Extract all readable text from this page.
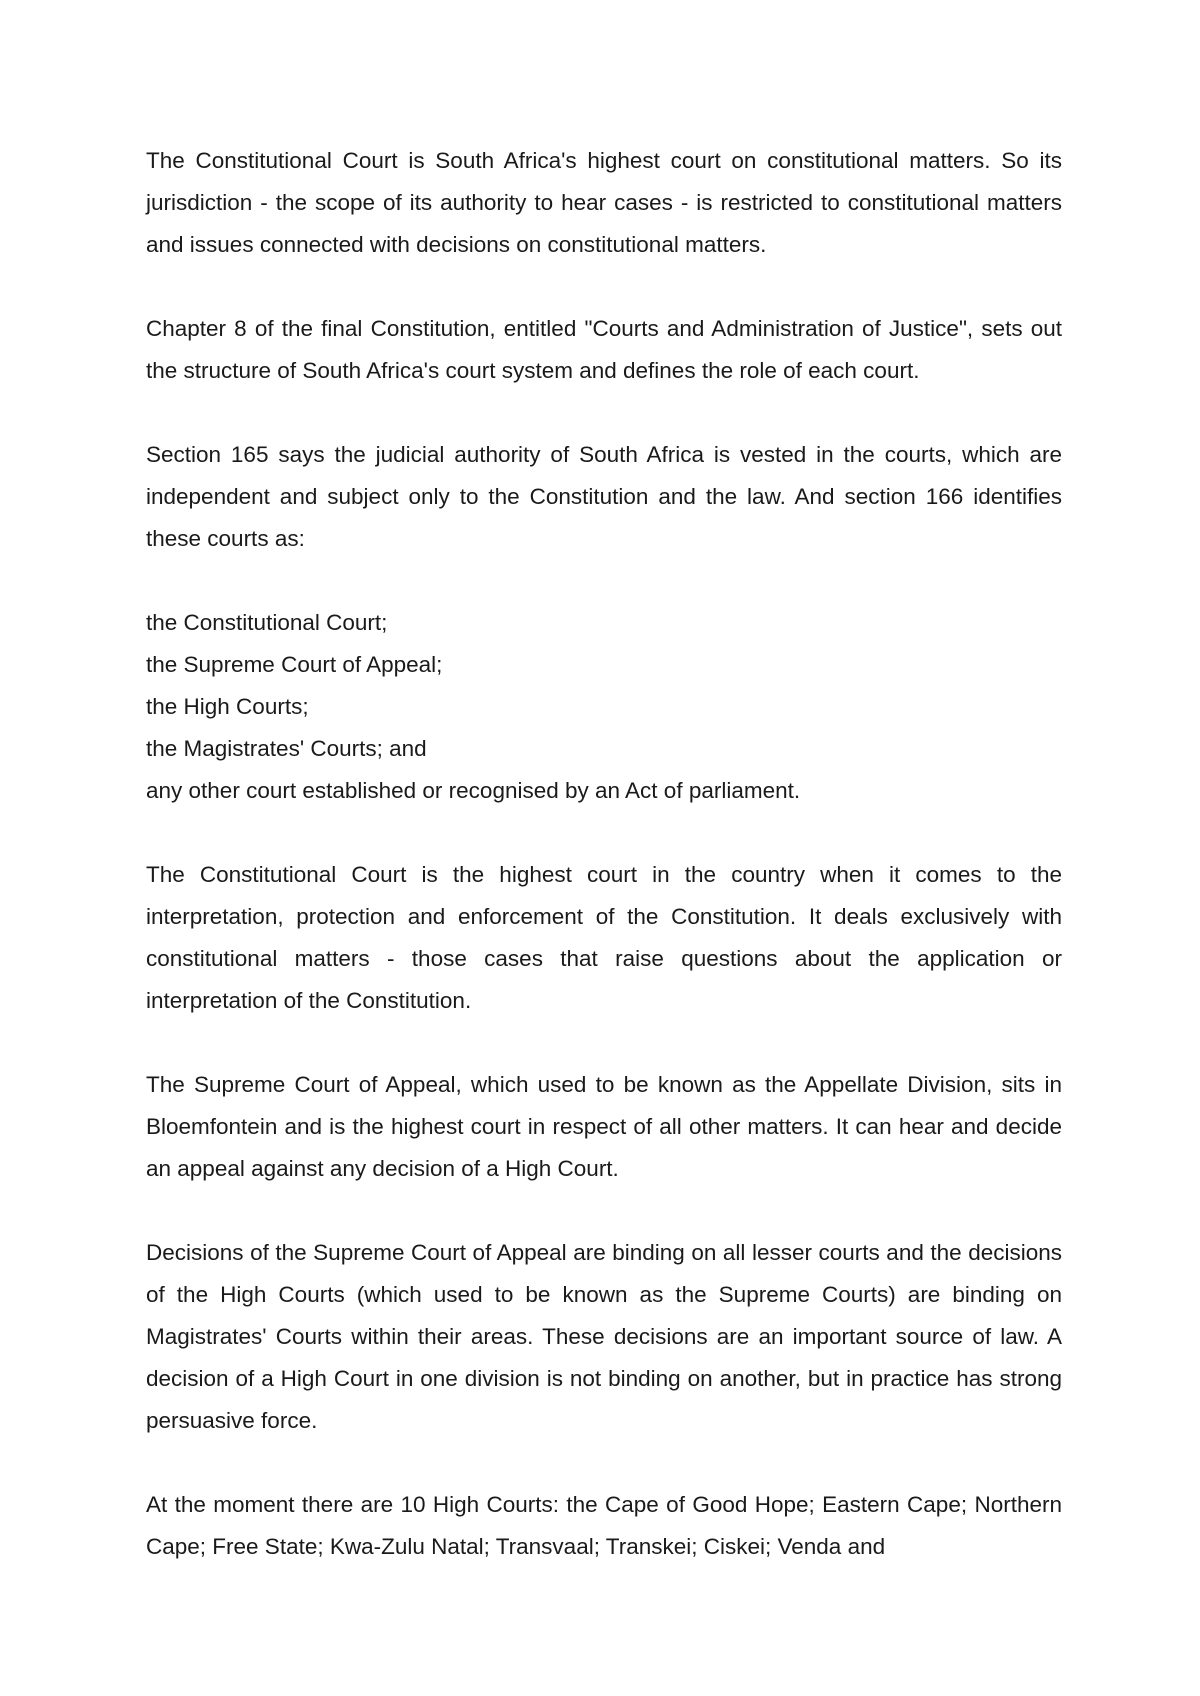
The Constitutional Court is South Africa's highest court on constitutional matters. So its jurisdiction - the scope of its authority to hear cases - is restricted to constitutional matters and issues connected with decisions on constitutional matters.

Chapter 8 of the final Constitution, entitled "Courts and Administration of Justice", sets out the structure of South Africa's court system and defines the role of each court.

Section 165 says the judicial authority of South Africa is vested in the courts, which are independent and subject only to the Constitution and the law. And section 166 identifies these courts as:

the Constitutional Court;
the Supreme Court of Appeal;
the High Courts;
the Magistrates' Courts; and
any other court established or recognised by an Act of parliament.

The Constitutional Court is the highest court in the country when it comes to the interpretation, protection and enforcement of the Constitution. It deals exclusively with constitutional matters - those cases that raise questions about the application or interpretation of the Constitution.

The Supreme Court of Appeal, which used to be known as the Appellate Division, sits in Bloemfontein and is the highest court in respect of all other matters. It can hear and decide an appeal against any decision of a High Court.

Decisions of the Supreme Court of Appeal are binding on all lesser courts and the decisions of the High Courts (which used to be known as the Supreme Courts) are binding on Magistrates' Courts within their areas. These decisions are an important source of law. A decision of a High Court in one division is not binding on another, but in practice has strong persuasive force.

At the moment there are 10 High Courts: the Cape of Good Hope; Eastern Cape; Northern Cape; Free State; Kwa-Zulu Natal; Transvaal; Transkei; Ciskei; Venda and
